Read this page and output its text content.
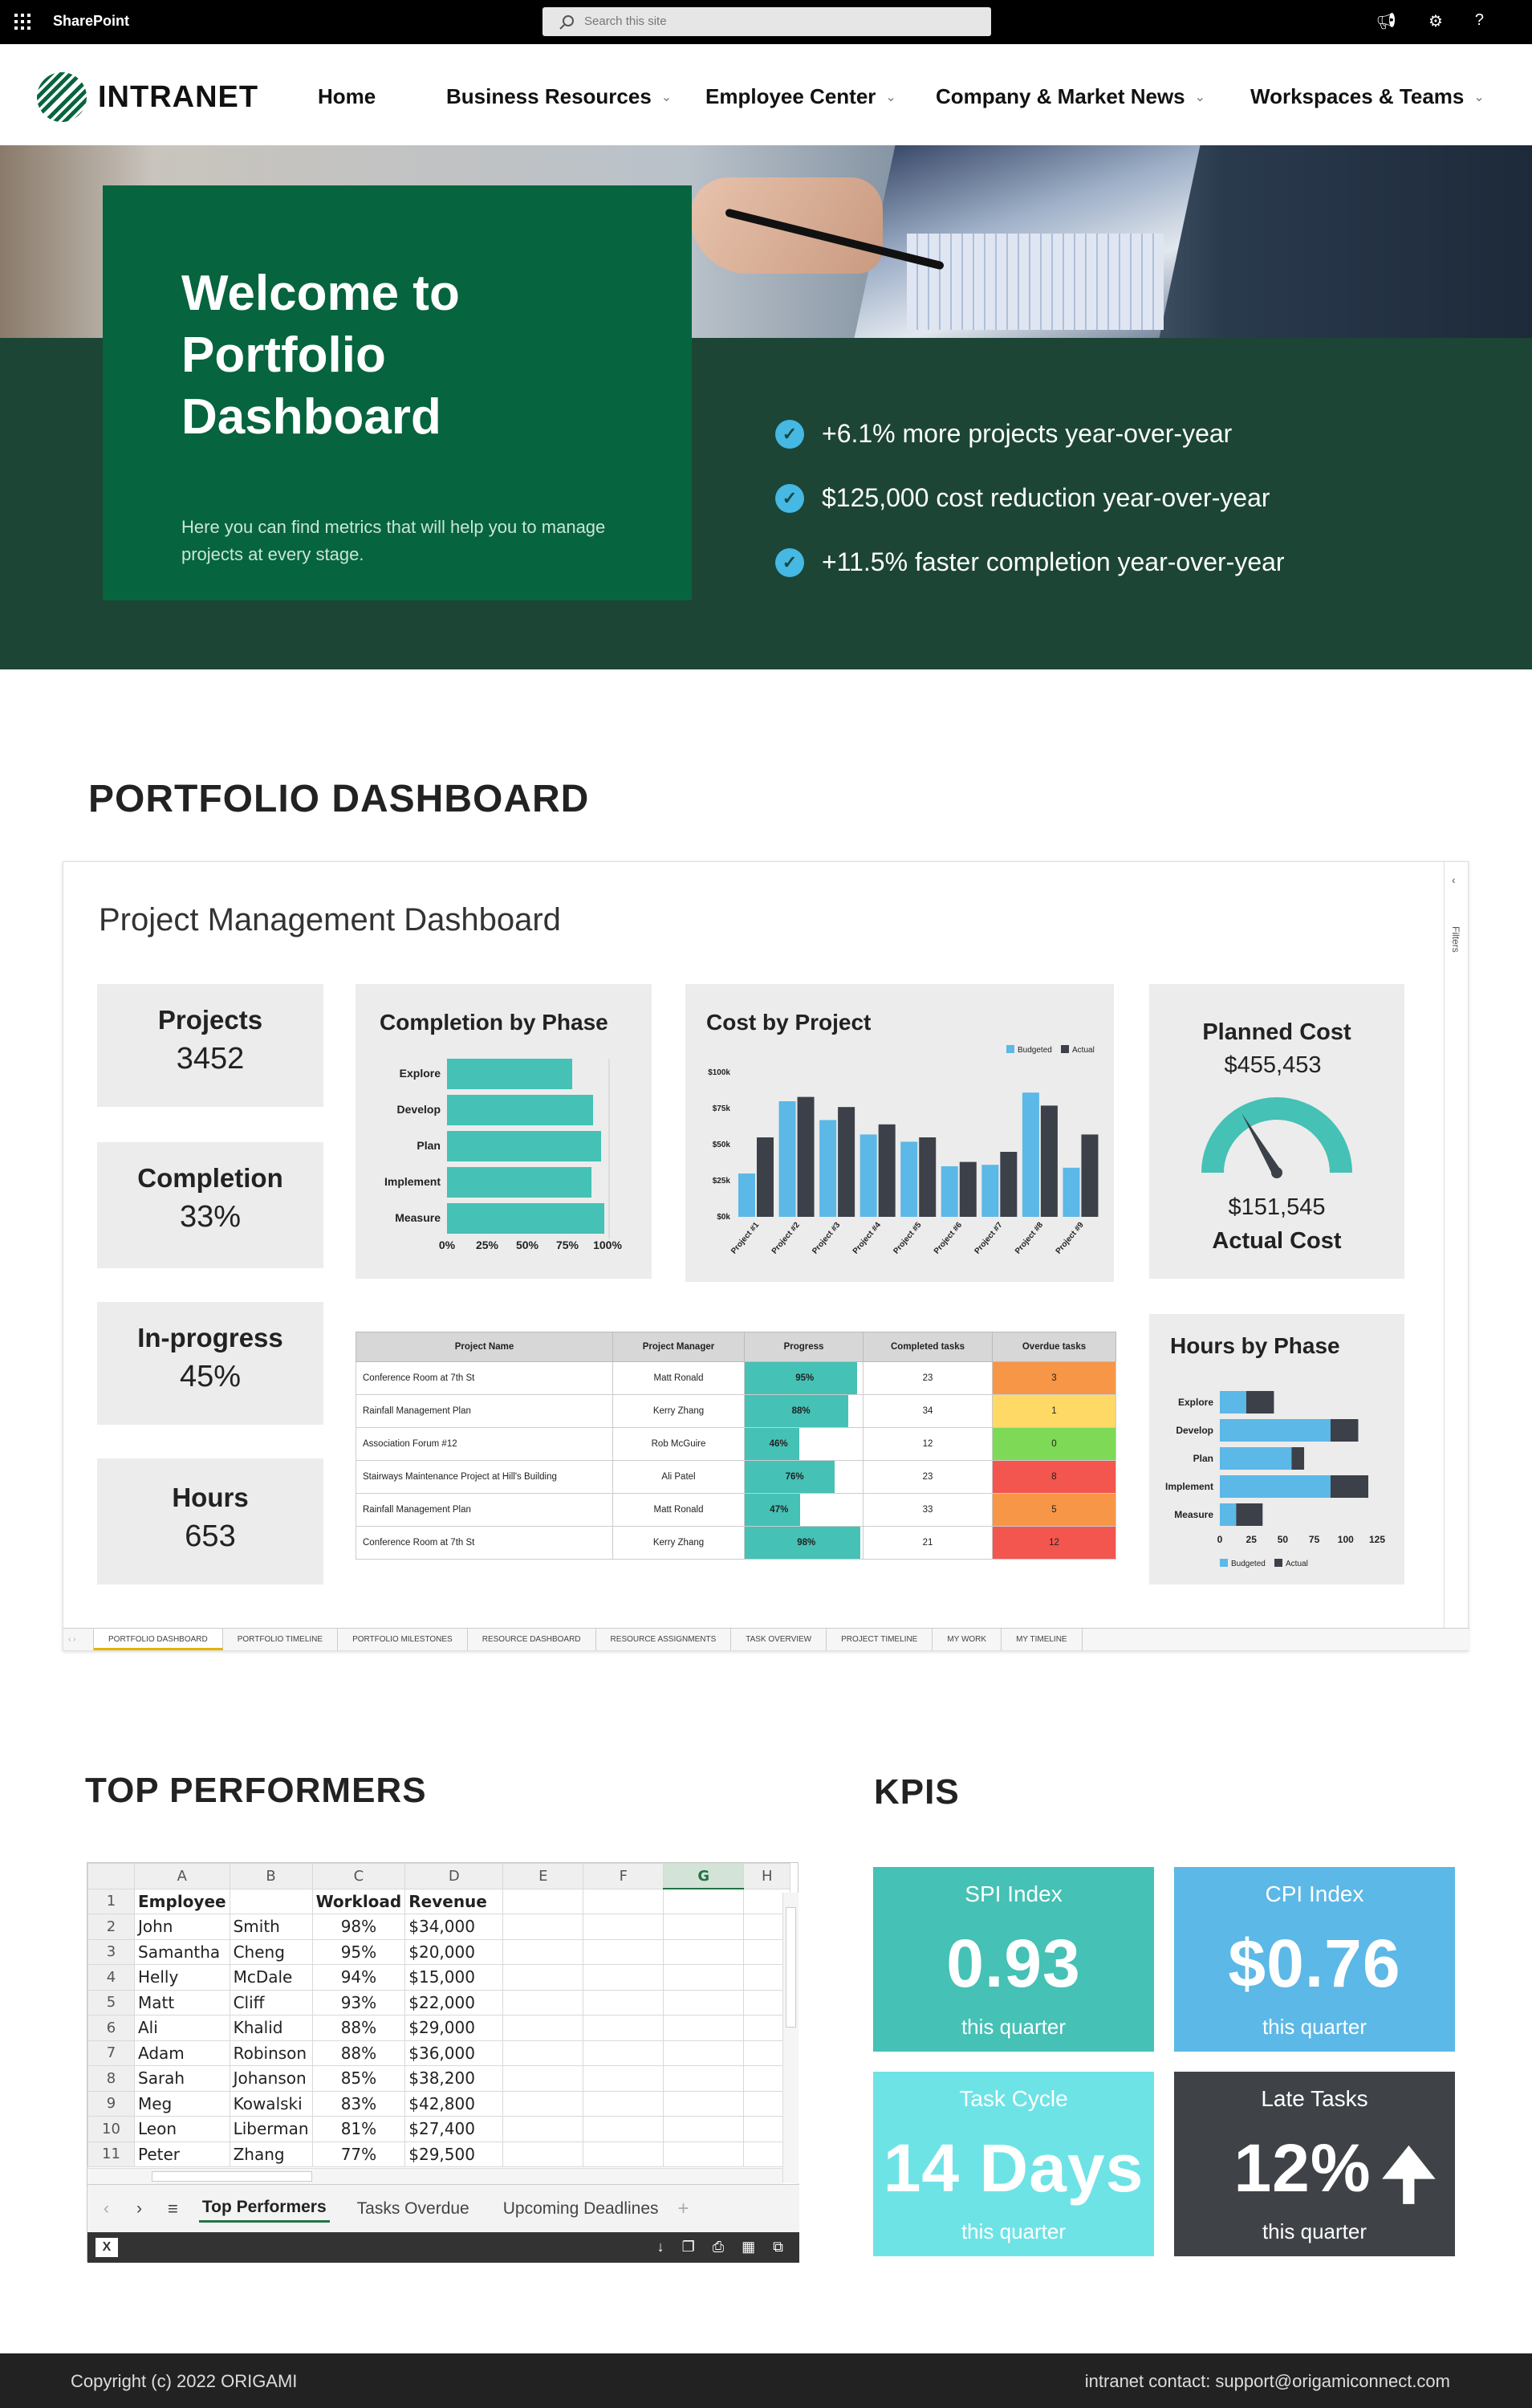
SharePoint	Search this site	📢︎ ⚙ ?
INTRANET	Home	Business Resources ⌄ Employee Center ⌄ Company & Market News ⌄ Workspaces & Teams ⌄
Welcome to Portfolio Dashboard

Here you can find metrics that will help you to manage projects at every stage.

✓ +6.1% more projects year-over-year
✓ $125,000 cost reduction year-over-year
✓ +11.5% faster completion year-over-year
PORTFOLIO DASHBOARD
Project Management Dashboard
‹
Filters
Projects
3452
Completion
33%
In-progress
45%
Hours
653
Completion by Phase
Explore
Develop
Plan
Implement
Measure
0% 25% 50% 75% 100%
Cost by Project
$0k
$25k
$50k
$75k
$100k
Project #1 Project #2 Project #3 Project #4 Project #5 Project #6 Project #7 Project #8 Project #9
Budgeted	Actual
Planned Cost
$455,453
$151,545
Actual Cost
Project Name	Project Manager	Progress	Completed tasks	Overdue tasks
Conference Room at 7th St	Matt Ronald	95%	23	3
Rainfall Management Plan	Kerry Zhang	88%	34	1
Association Forum #12	Rob McGuire	46%	12	0
Stairways Maintenance Project at Hill's Building	Ali Patel	76%	23	8
Rainfall Management Plan	Matt Ronald	47%	33	5
Conference Room at 7th St	Kerry Zhang	98%	21	12
Hours by Phase
Explore
Develop
Plan
Implement
Measure
0 25 50 75 100 125
Budgeted	Actual
‹ ›	PORTFOLIO DASHBOARD	PORTFOLIO TIMELINE	PORTFOLIO MILESTONES	RESOURCE DASHBOARD	RESOURCE ASSIGNMENTS	TASK OVERVIEW	PROJECT TIMELINE	MY WORK	MY TIMELINE
TOP PERFORMERS
	A	B	C	D	E	F	G	H
1	Employee		Workload	Revenue				
2	John	Smith	98%	$34,000				
3	Samantha	Cheng	95%	$20,000				
4	Helly	McDale	94%	$15,000				
5	Matt	Cliff	93%	$22,000				
6	Ali	Khalid	88%	$29,000				
7	Adam	Robinson	88%	$36,000				
8	Sarah	Johanson	85%	$38,200				
9	Meg	Kowalski	83%	$42,800				
10	Leon	Liberman	81%	$27,400				
11	Peter	Zhang	77%	$29,500				
‹ › ≡ Top Performers Tasks Overdue Upcoming Deadlines +
X	↓ ❐ ⎙ ▦ ⧉
KPIS
SPI Index
0.93
this quarter
CPI Index
$0.76
this quarter
Task Cycle
14 Days
this quarter
Late Tasks
12% 🠉
this quarter
Copyright (c) 2022 ORIGAMI	intranet contact: support@origamiconnect.com
